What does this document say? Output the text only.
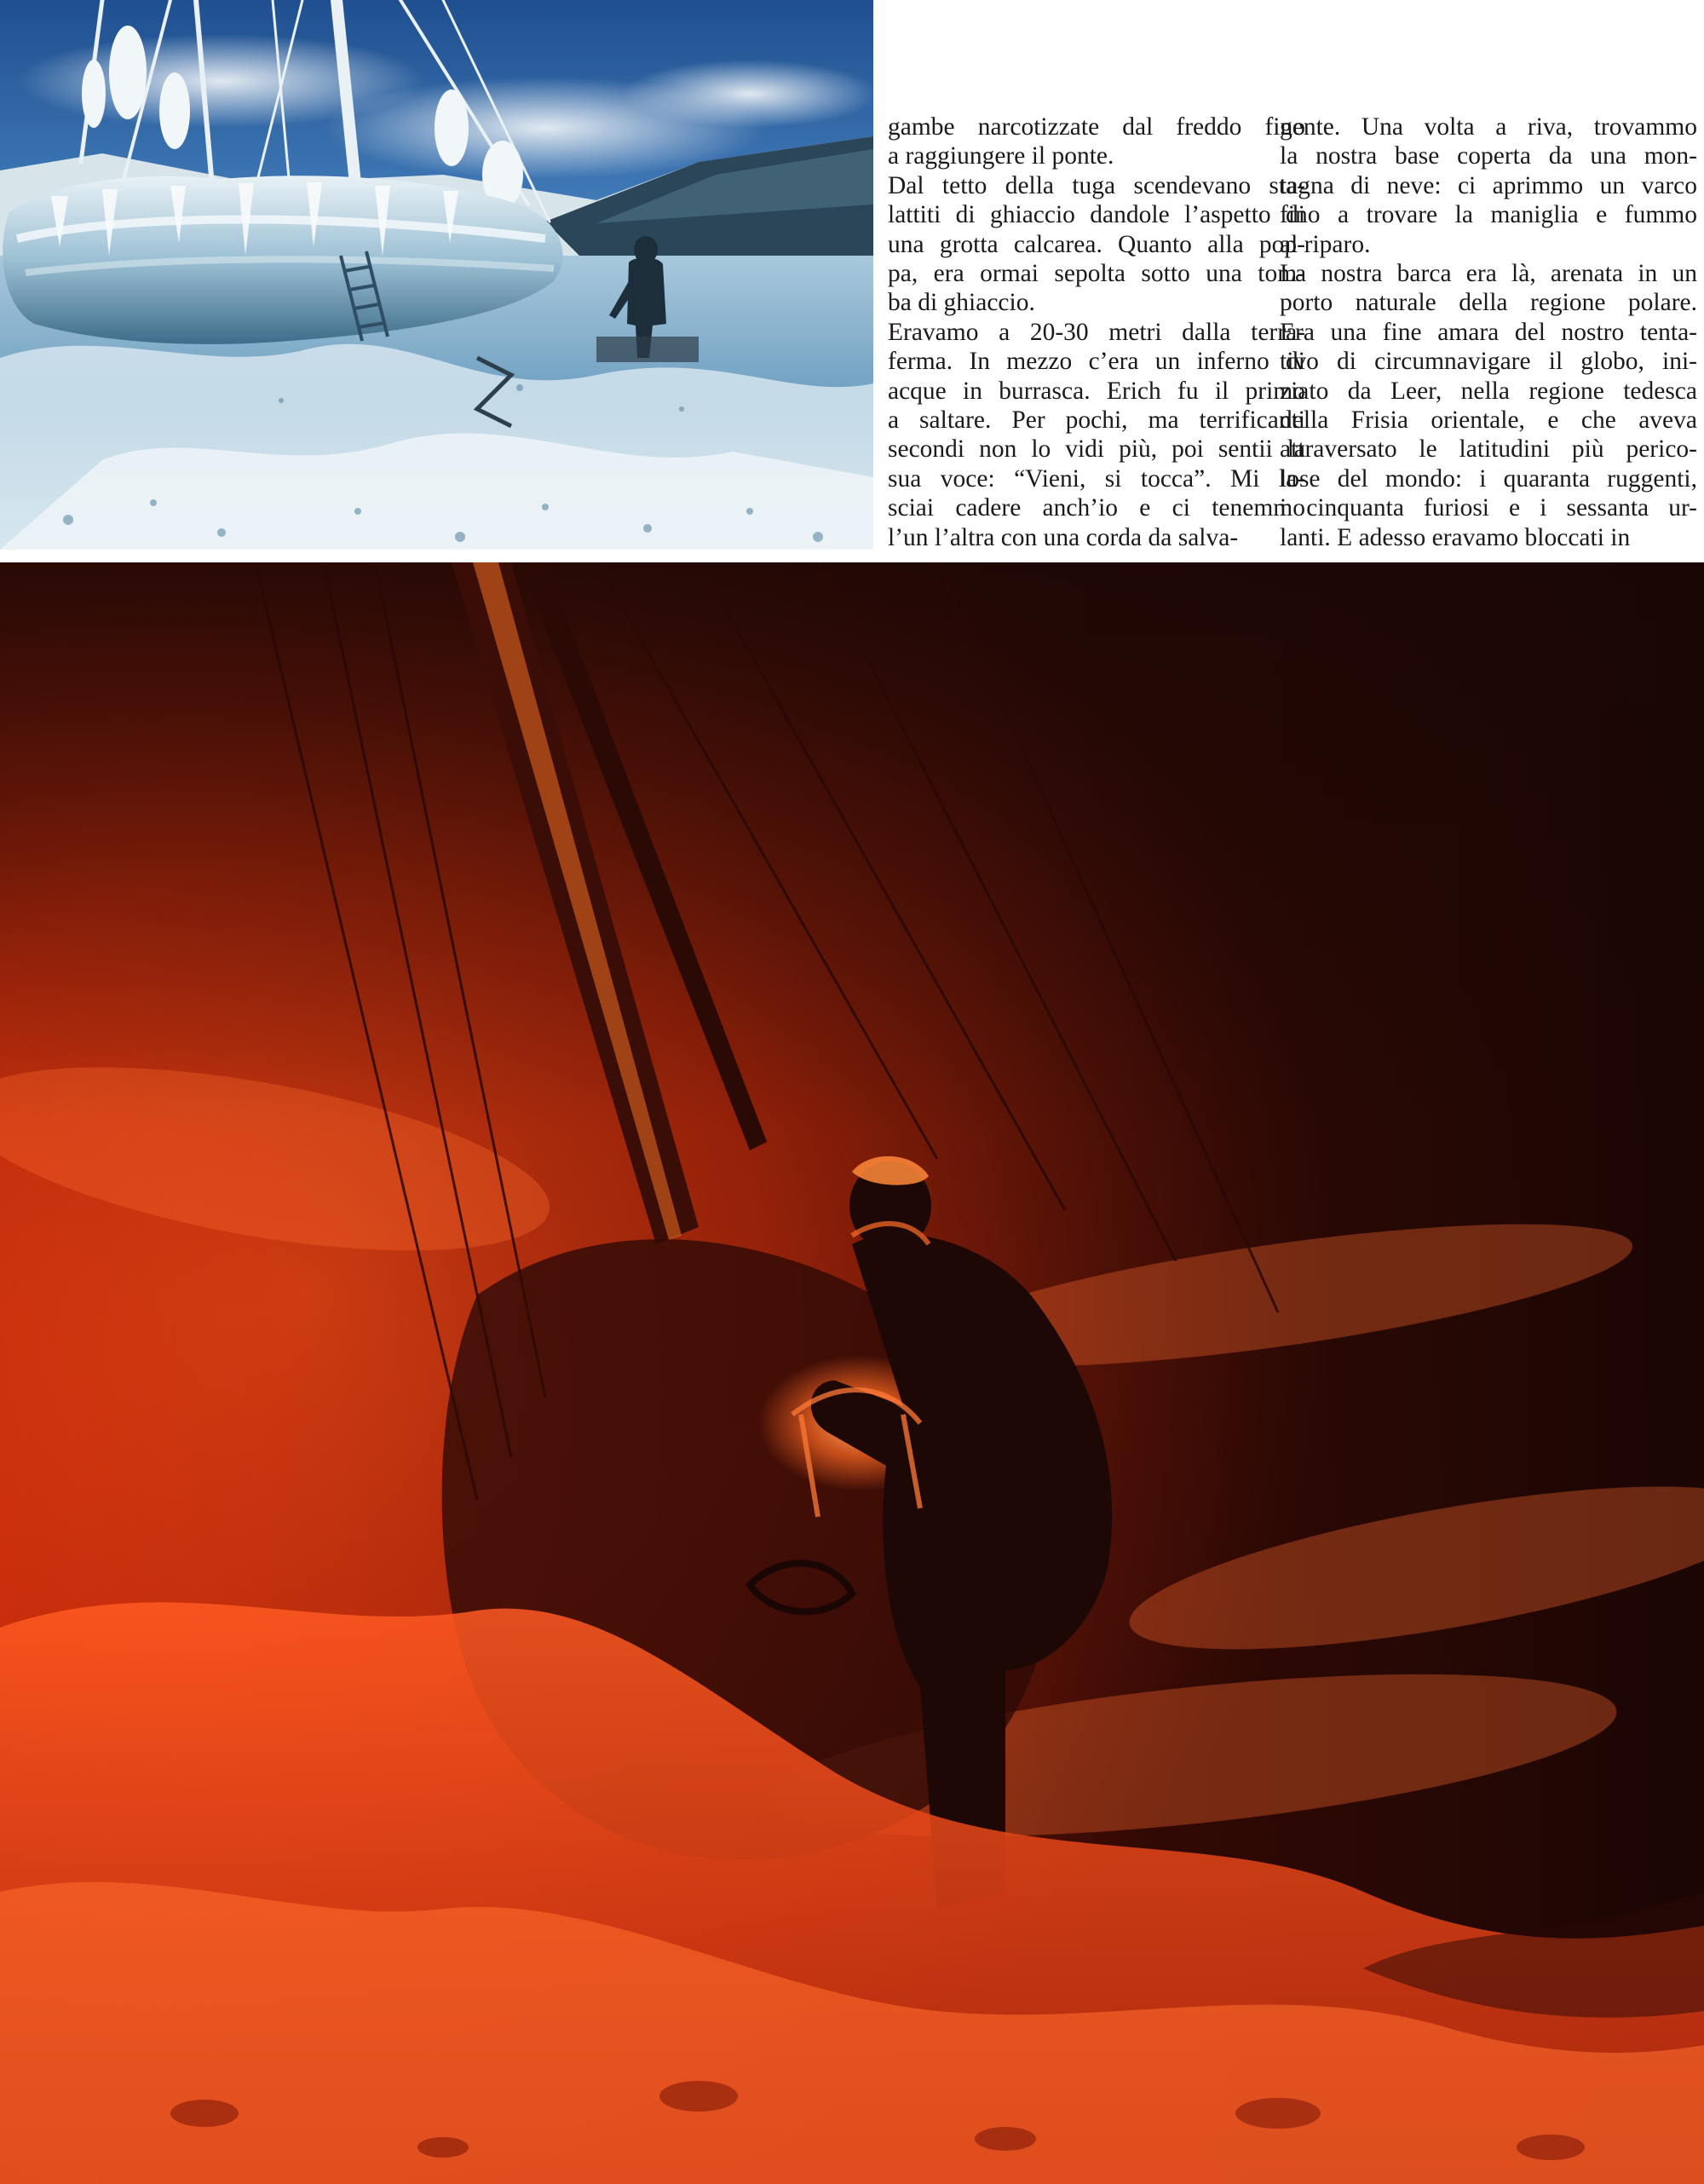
gambe narcotizzate dal freddo fino
a raggiungere il ponte.
Dal tetto della tuga scendevano sta-
lattiti di ghiaccio dandole l’aspetto di
una grotta calcarea. Quanto alla pop-
pa, era ormai sepolta sotto una tom-
ba di ghiaccio.
Eravamo a 20-30 metri dalla terra-
ferma. In mezzo c’era un inferno di
acque in burrasca. Erich fu il primo
a saltare. Per pochi, ma terrificanti
secondi non lo vidi più, poi sentii la
sua voce: “Vieni, si tocca”. Mi la-
sciai cadere anch’io e ci tenemmo
l’un l’altra con una corda da salva-
gente. Una volta a riva, trovammo
la nostra base coperta da una mon-
tagna di neve: ci aprimmo un varco
fino a trovare la maniglia e fummo
al riparo.
La nostra barca era là, arenata in un
porto naturale della regione polare.
Era una fine amara del nostro tenta-
tivo di circumnavigare il globo, ini-
ziato da Leer, nella regione tedesca
della Frisia orientale, e che aveva
attraversato le latitudini più perico-
lose del mondo: i quaranta ruggenti,
i cinquanta furiosi e i sessanta ur-
lanti. E adesso eravamo bloccati in
